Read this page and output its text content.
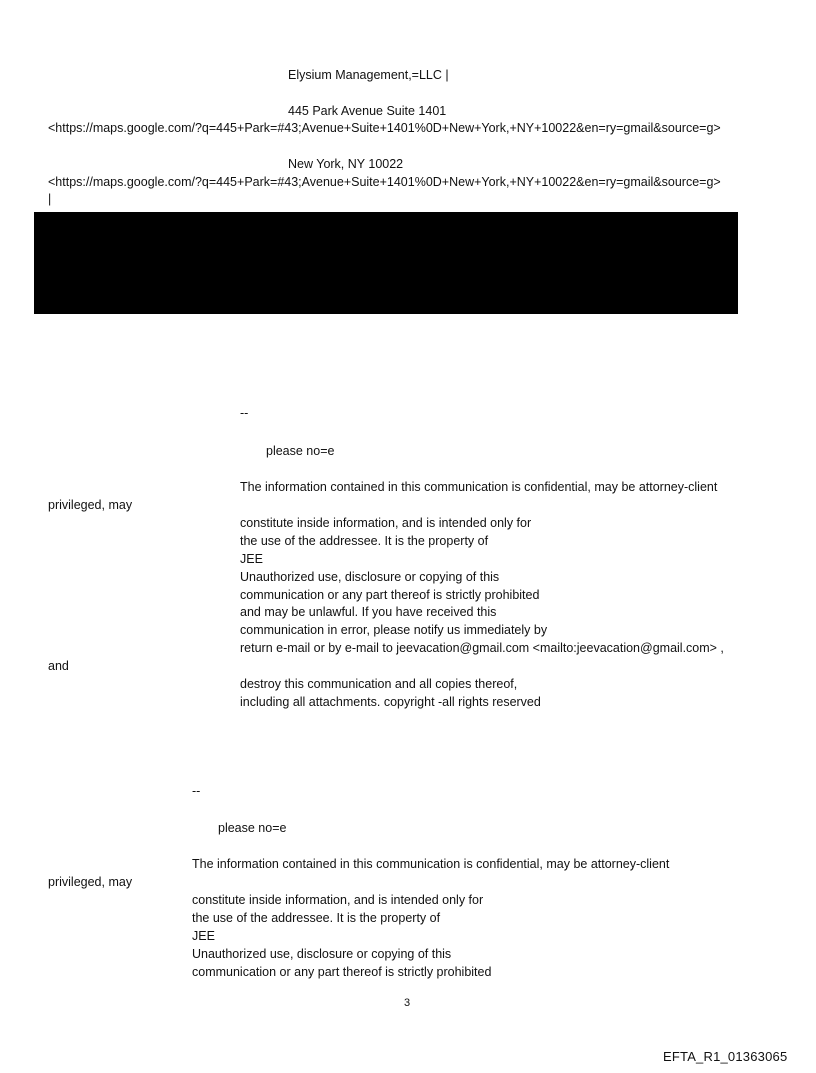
Elysium Management,=LLC |
445 Park Avenue Suite 1401
<https://maps.google.com/?q=445+Park=#43;Avenue+Suite+1401%0D+New+York,+NY+10022&en=ry=gmail&source=g>
New York, NY 10022
<https://maps.google.com/?q=445+Park=#43;Avenue+Suite+1401%0D+New+York,+NY+10022&en=ry=gmail&source=g>
|
--
please no=e
The information contained in this communication is confidential, may be attorney-client
privileged, may
constitute inside information, and is intended only for
the use of the addressee. It is the property of
JEE
Unauthorized use, disclosure or copying of this
communication or any part thereof is strictly prohibited
and may be unlawful. If you have received this
communication in error, please notify us immediately by
return e-mail or by e-mail to jeevacation@gmail.com <mailto:jeevacation@gmail.com> ,
and
destroy this communication and all copies thereof,
including all attachments. copyright -all rights reserved
--
please no=e
The information contained in this communication is confidential, may be attorney-client
privileged, may
constitute inside information, and is intended only for
the use of the addressee. It is the property of
JEE
Unauthorized use, disclosure or copying of this
communication or any part thereof is strictly prohibited
3
EFTA_R1_01363065
